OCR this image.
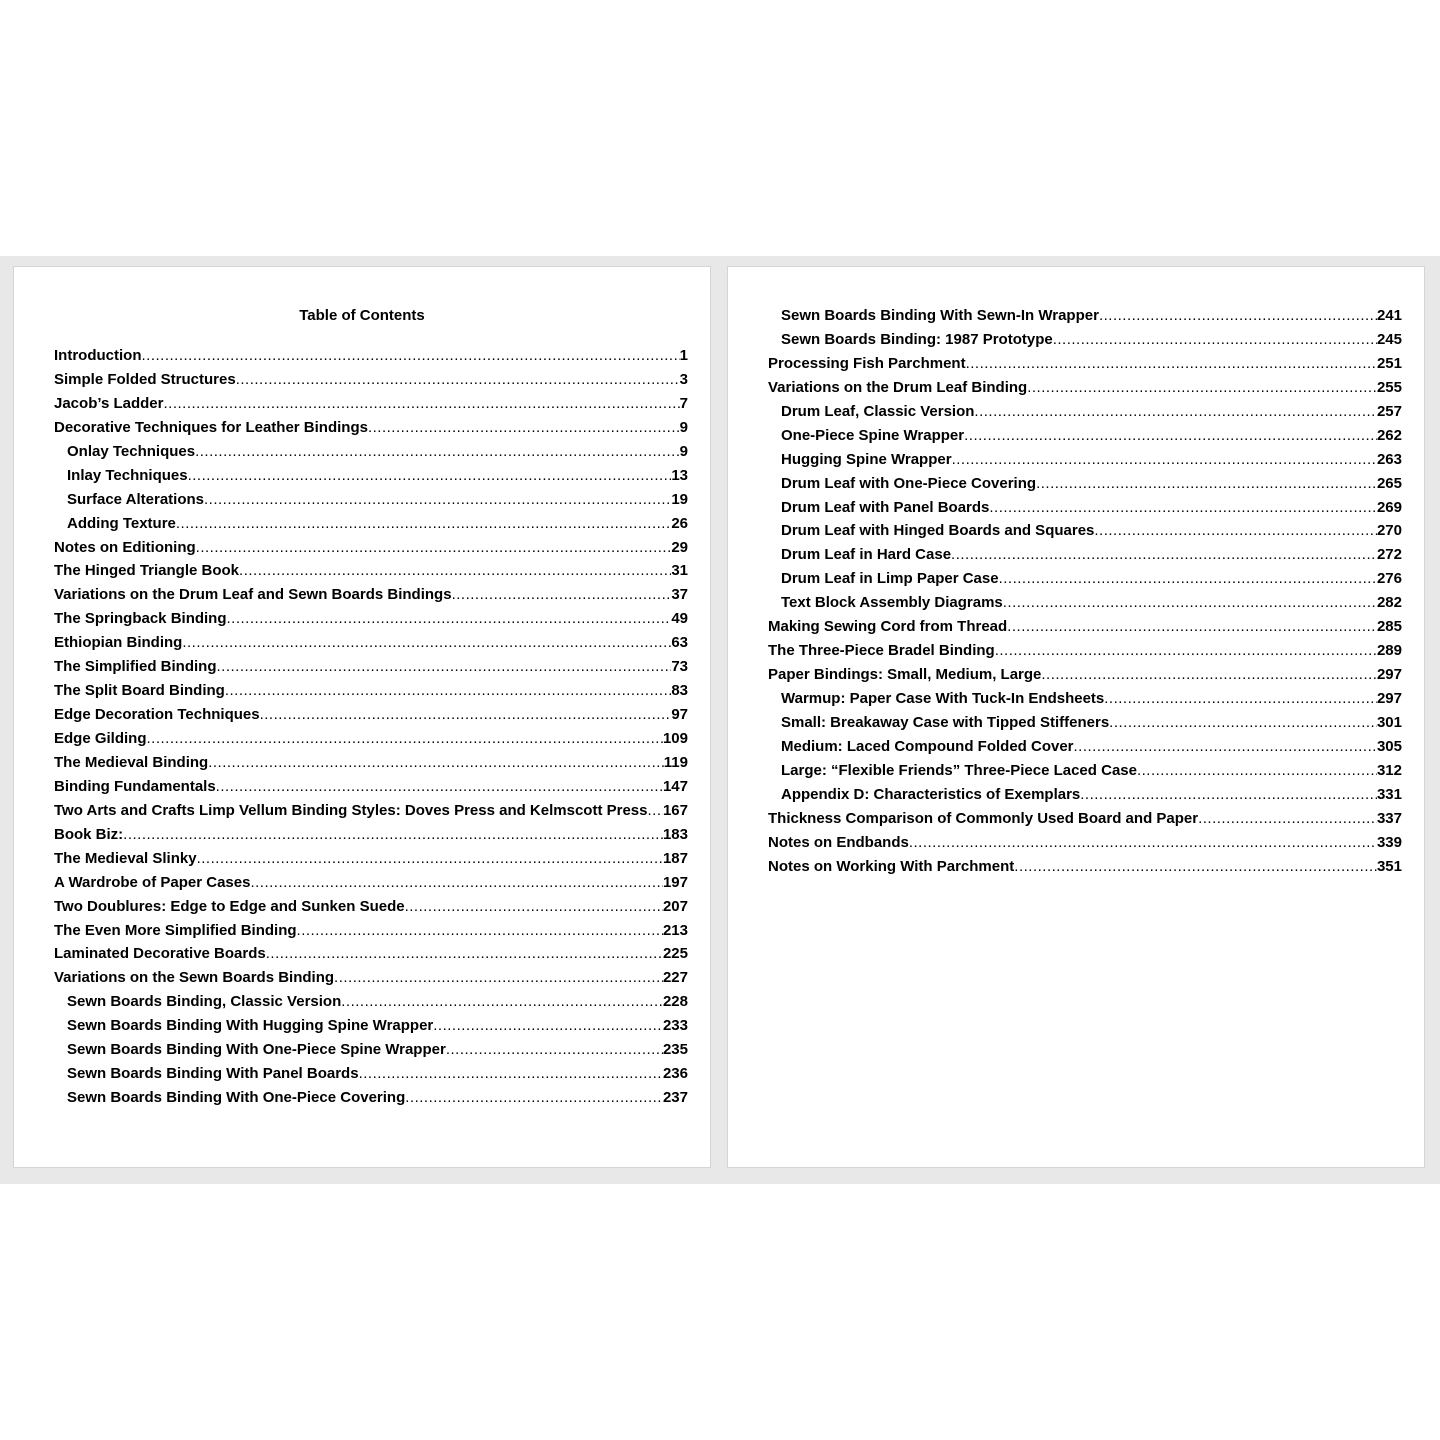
Table of Contents
Introduction .....	1
Simple Folded Structures .....	3
Jacob’s Ladder .....	7
Decorative Techniques for Leather Bindings .....	9
Onlay Techniques .....	9
Inlay Techniques .....	13
Surface Alterations .....	19
Adding Texture .....	26
Notes on Editioning .....	29
The Hinged Triangle Book .....	31
Variations on the Drum Leaf and Sewn Boards Bindings .....	37
The Springback Binding .....	49
Ethiopian Binding .....	63
The Simplified Binding .....	73
The Split Board Binding .....	83
Edge Decoration Techniques .....	97
Edge Gilding .....	109
The Medieval Binding .....	119
Binding Fundamentals .....	147
Two Arts and Crafts Limp Vellum Binding Styles: Doves Press and Kelmscott Press ..... 167
Book Biz: .....	183
The Medieval Slinky .....	187
A Wardrobe of Paper Cases .....	197
Two Doublures: Edge to Edge and Sunken Suede .....	207
The Even More Simplified Binding .....	213
Laminated Decorative Boards .....	225
Variations on the Sewn Boards Binding .....	227
Sewn Boards Binding, Classic Version .....	228
Sewn Boards Binding With Hugging Spine Wrapper .....	233
Sewn Boards Binding With One-Piece Spine Wrapper .....	235
Sewn Boards Binding With Panel Boards .....	236
Sewn Boards Binding With One-Piece Covering .....	237
Sewn Boards Binding With Sewn-In Wrapper .....	241
Sewn Boards Binding: 1987 Prototype .....	245
Processing Fish Parchment .....	251
Variations on the Drum Leaf Binding .....	255
Drum Leaf, Classic Version .....	257
One-Piece Spine Wrapper .....	262
Hugging Spine Wrapper .....	263
Drum Leaf with One-Piece Covering .....	265
Drum Leaf with Panel Boards .....	269
Drum Leaf with Hinged Boards and Squares .....	270
Drum Leaf in Hard Case .....	272
Drum Leaf in Limp Paper Case .....	276
Text Block Assembly Diagrams .....	282
Making Sewing Cord from Thread .....	285
The Three-Piece Bradel Binding .....	289
Paper Bindings: Small, Medium, Large .....	297
Warmup: Paper Case With Tuck-In Endsheets .....	297
Small: Breakaway Case with Tipped Stiffeners .....	301
Medium: Laced Compound Folded Cover .....	305
Large: “Flexible Friends” Three-Piece Laced Case .....	312
Appendix D: Characteristics of Exemplars .....	331
Thickness Comparison of Commonly Used Board and Paper .....	337
Notes on Endbands .....	339
Notes on Working With Parchment .....	351
